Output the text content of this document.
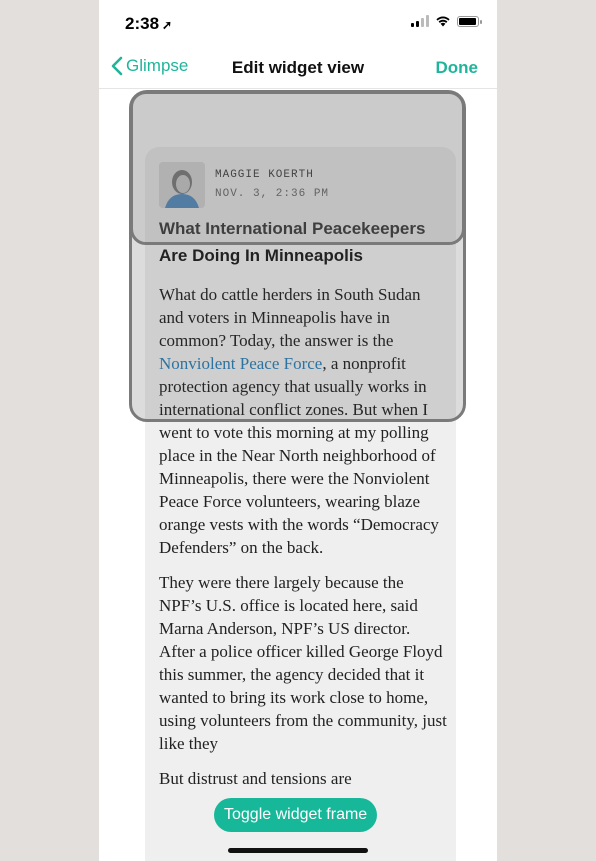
2:38 ➚
Glimpse	Edit widget view	Done
MAGGIE KOERTH
NOV. 3, 2:36 PM
What International Peacekeepers Are Doing In Minneapolis

What do cattle herders in South Sudan and voters in Minneapolis have in common? Today, the answer is the Nonviolent Peace Force, a nonprofit protection agency that usually works in international conflict zones. But when I went to vote this morning at my polling place in the Near North neighborhood of Minneapolis, there were the Nonviolent Peace Force volunteers, wearing blaze orange vests with the words “Democracy Defenders” on the back.

They were there largely because the NPF’s U.S. office is located here, said Marna Anderson, NPF’s US director. After a police officer killed George Floyd this summer, the agency decided that it wanted to bring its work close to home, using volunteers from the community, just like they

But distrust and tensions are

Toggle widget frame
